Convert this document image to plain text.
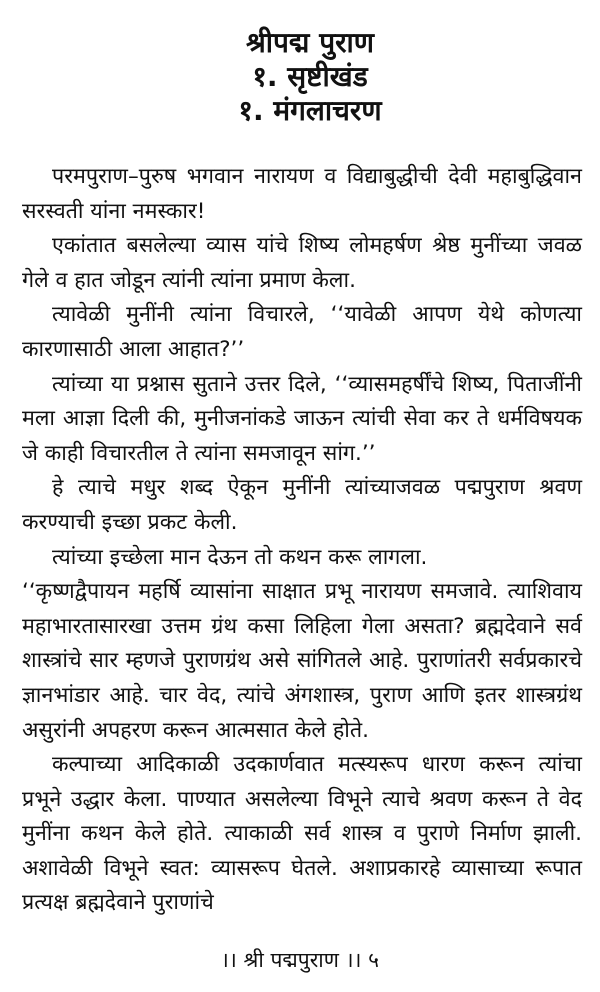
श्रीपद्म पुराण
१. सृष्टीखंड
१. मंगलाचरण

परमपुराण–पुरुष भगवान नारायण व विद्याबुद्धीची देवी महाबुद्धिवान सरस्वती यांना नमस्कार!

एकांतात बसलेल्या व्यास यांचे शिष्य लोमहर्षण श्रेष्ठ मुनींच्या जवळ गेले व हात जोडून त्यांनी त्यांना प्रमाण केला.

त्यावेळी मुनींनी त्यांना विचारले, ‘‘यावेळी आपण येथे कोणत्या कारणासाठी आला आहात?’’

त्यांच्या या प्रश्नास सुताने उत्तर दिले, ‘‘व्यासमहर्षींचे शिष्य, पिताजींनी मला आज्ञा दिली की, मुनीजनांकडे जाऊन त्यांची सेवा कर ते धर्मविषयक जे काही विचारतील ते त्यांना समजावून सांग.’’

हे त्याचे मधुर शब्द ऐकून मुनींनी त्यांच्याजवळ पद्मपुराण श्रवण करण्याची इच्छा प्रकट केली.

त्यांच्या इच्छेला मान देऊन तो कथन करू लागला.

‘‘कृष्णद्वैपायन महर्षि व्यासांना साक्षात प्रभू नारायण समजावे. त्याशिवाय महाभारतासारखा उत्तम ग्रंथ कसा लिहिला गेला असता? ब्रह्मदेवाने सर्व शास्त्रांचे सार म्हणजे पुराणग्रंथ असे सांगितले आहे. पुराणांतरी सर्वप्रकारचे ज्ञानभांडार आहे. चार वेद, त्यांचे अंगशास्त्र, पुराण आणि इतर शास्त्रग्रंथ असुरांनी अपहरण करून आत्मसात केले होते.

कल्पाच्या आदिकाळी उदकार्णवात मत्स्यरूप धारण करून त्यांचा प्रभूने उद्धार केला. पाण्यात असलेल्या विभूने त्याचे श्रवण करून ते वेद मुनींना कथन केले होते. त्याकाळी सर्व शास्त्र व पुराणे निर्माण झाली. अशावेळी विभूने स्वत: व्यासरूप घेतले. अशाप्रकारहे व्यासाच्या रूपात प्रत्यक्ष ब्रह्मदेवाने पुराणांचे

।। श्री पद्मपुराण ।। ५
